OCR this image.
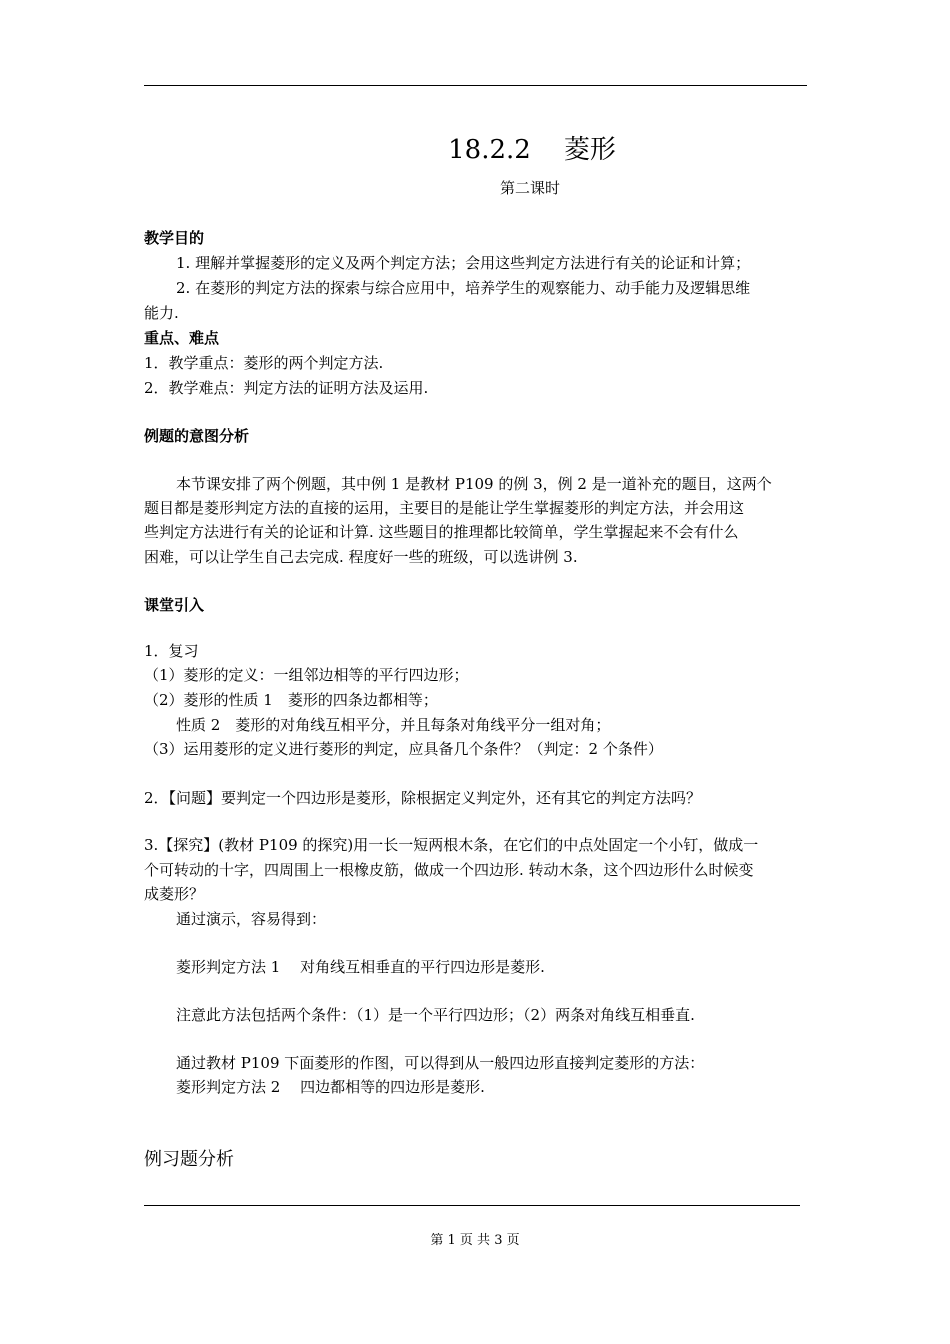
18.2.2    菱形
第二课时
教学目的
1. 理解并掌握菱形的定义及两个判定方法；会用这些判定方法进行有关的论证和计算；
2. 在菱形的判定方法的探索与综合应用中，培养学生的观察能力、动手能力及逻辑思维
能力.
重点、难点
1．教学重点：菱形的两个判定方法.
2．教学难点：判定方法的证明方法及运用.
例题的意图分析
本节课安排了两个例题，其中例 1 是教材 P109 的例 3，例 2 是一道补充的题目，这两个
题目都是菱形判定方法的直接的运用，主要目的是能让学生掌握菱形的判定方法，并会用这
些判定方法进行有关的论证和计算. 这些题目的推理都比较简单，学生掌握起来不会有什么
困难，可以让学生自己去完成. 程度好一些的班级，可以选讲例 3.
课堂引入
1．复习
（1）菱形的定义：一组邻边相等的平行四边形；
（2）菱形的性质 1　菱形的四条边都相等；
性质 2　菱形的对角线互相平分，并且每条对角线平分一组对角；
（3）运用菱形的定义进行菱形的判定，应具备几个条件？（判定：2 个条件）
2．【问题】要判定一个四边形是菱形，除根据定义判定外，还有其它的判定方法吗？
3.【探究】(教材 P109 的探究)用一长一短两根木条，在它们的中点处固定一个小钉，做成一
个可转动的十字，四周围上一根橡皮筋，做成一个四边形. 转动木条，这个四边形什么时候变
成菱形？
通过演示，容易得到：
菱形判定方法 1　 对角线互相垂直的平行四边形是菱形.
注意此方法包括两个条件：（1）是一个平行四边形；（2）两条对角线互相垂直.
通过教材 P109 下面菱形的作图，可以得到从一般四边形直接判定菱形的方法：
菱形判定方法 2　 四边都相等的四边形是菱形.
例习题分析
第 1 页 共 3 页
